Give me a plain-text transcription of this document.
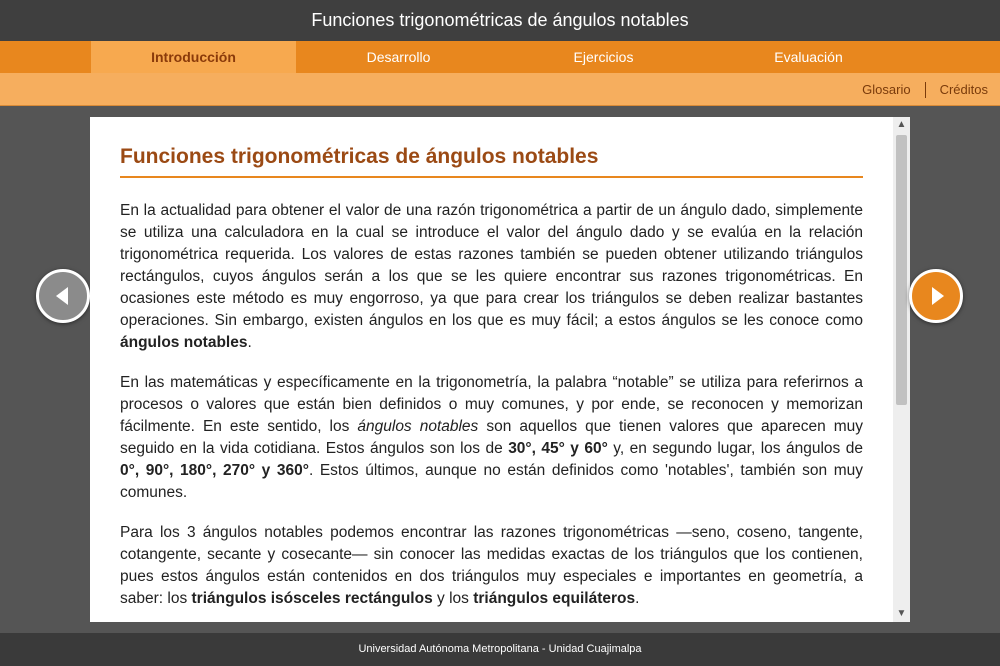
Funciones trigonométricas de ángulos notables
Introducción	Desarrollo	Ejercicios	Evaluación
Glosario Créditos
Funciones trigonométricas de ángulos notables

En la actualidad para obtener el valor de una razón trigonométrica a partir de un ángulo dado, simplemente se utiliza una calculadora en la cual se introduce el valor del ángulo dado y se evalúa en la relación trigonométrica requerida. Los valores de estas razones también se pueden obtener utilizando triángulos rectángulos, cuyos ángulos serán a los que se les quiere encontrar sus razones trigonométricas. En ocasiones este método es muy engorroso, ya que para crear los triángulos se deben realizar bastantes operaciones. Sin embargo, existen ángulos en los que es muy fácil; a estos ángulos se les conoce como ángulos notables.

En las matemáticas y específicamente en la trigonometría, la palabra “notable” se utiliza para referirnos a procesos o valores que están bien definidos o muy comunes, y por ende, se reconocen y memorizan fácilmente. En este sentido, los ángulos notables son aquellos que tienen valores que aparecen muy seguido en la vida cotidiana. Estos ángulos son los de 30°, 45° y 60° y, en segundo lugar, los ángulos de 0°, 90°, 180°, 270° y 360°. Estos últimos, aunque no están definidos como 'notables', también son muy comunes.

Para los 3 ángulos notables podemos encontrar las razones trigonométricas —seno, coseno, tangente, cotangente, secante y cosecante— sin conocer las medidas exactas de los triángulos que los contienen, pues estos ángulos están contenidos en dos triángulos muy especiales e importantes en geometría, a saber: los triángulos isósceles rectángulos y los triángulos equiláteros.

▲
▼
Universidad Autónoma Metropolitana - Unidad Cuajimalpa
